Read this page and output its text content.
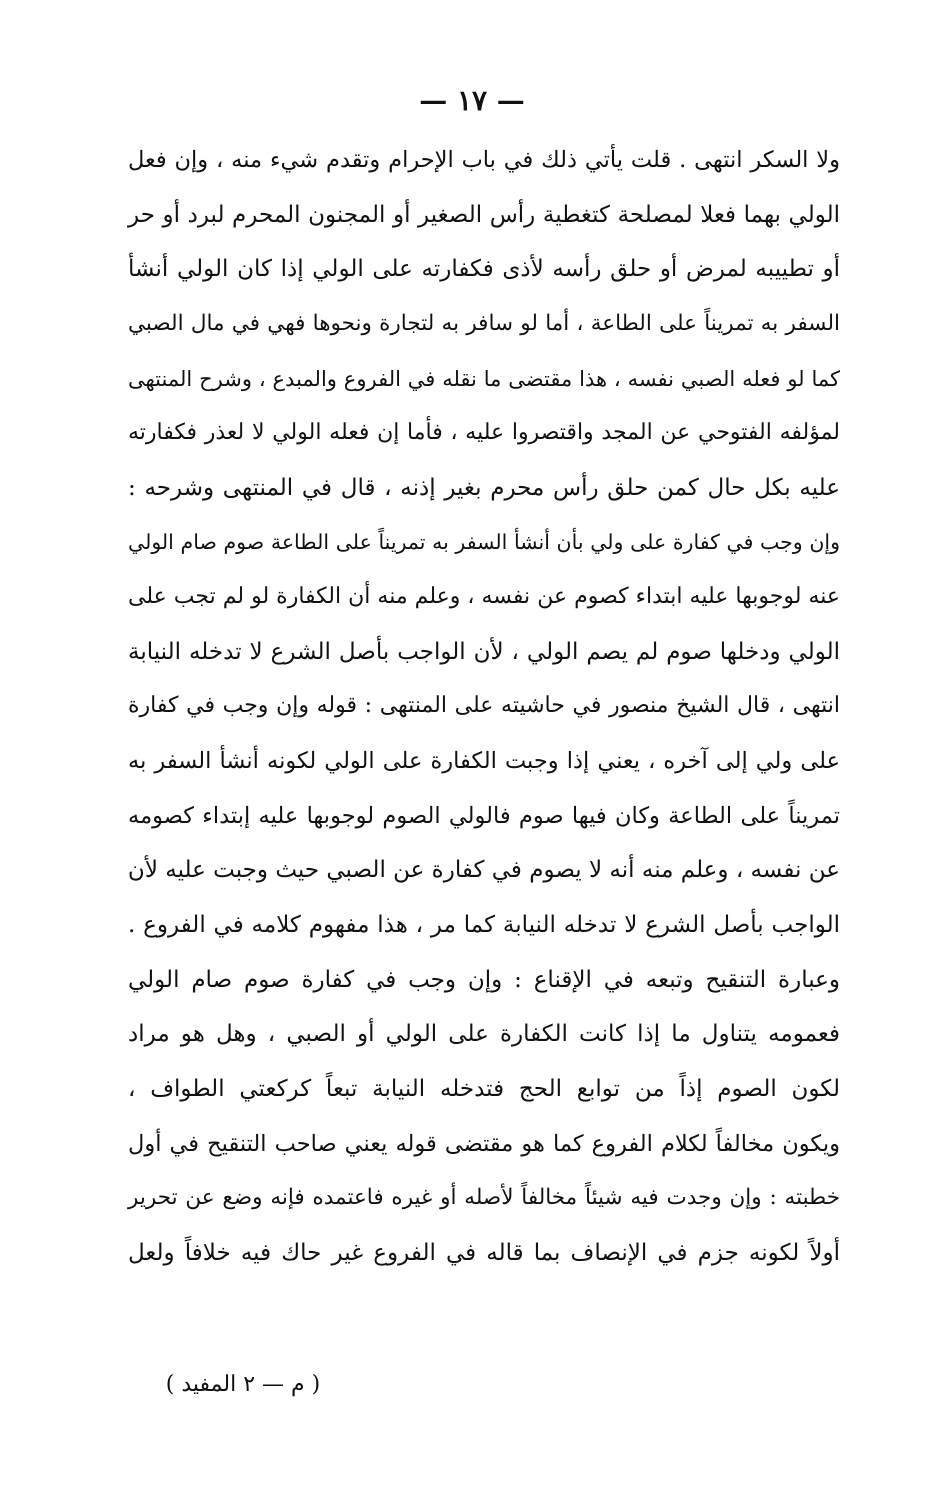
— ١٧ —
ولا السكر انتهى . قلت يأتي ذلك في باب الإحرام وتقدم شيء منه ، وإن فعل
الولي بهما فعلا لمصلحة كتغطية رأس الصغير أو المجنون المحرم لبرد أو حر
أو تطييبه لمرض أو حلق رأسه لأذى فكفارته على الولي إذا كان الولي أنشأ
السفر به تمريناً على الطاعة ، أما لو سافر به لتجارة ونحوها فهي في مال الصبي
كما لو فعله الصبي نفسه ، هذا مقتضى ما نقله في الفروع والمبدع ، وشرح المنتهى
لمؤلفه الفتوحي عن المجد واقتصروا عليه ، فأما إن فعله الولي لا لعذر فكفارته
عليه بكل حال كمن حلق رأس محرم بغير إذنه ، قال في المنتهى وشرحه :
وإن وجب في كفارة على ولي بأن أنشأ السفر به تمريناً على الطاعة صوم صام الولي
عنه لوجوبها عليه ابتداء كصوم عن نفسه ، وعلم منه أن الكفارة لو لم تجب على
الولي ودخلها صوم لم يصم الولي ، لأن الواجب بأصل الشرع لا تدخله النيابة
انتهى ، قال الشيخ منصور في حاشيته على المنتهى : قوله وإن وجب في كفارة
على ولي إلى آخره ، يعني إذا وجبت الكفارة على الولي لكونه أنشأ السفر به
تمريناً على الطاعة وكان فيها صوم فالولي الصوم لوجوبها عليه إبتداء كصومه
عن نفسه ، وعلم منه أنه لا يصوم في كفارة عن الصبي حيث وجبت عليه لأن
الواجب بأصل الشرع لا تدخله النيابة كما مر ، هذا مفهوم كلامه في الفروع .
وعبارة التنقيح وتبعه في الإقناع : وإن وجب في كفارة صوم صام الولي
فعمومه يتناول ما إذا كانت الكفارة على الولي أو الصبي ، وهل هو مراد
لكون الصوم إذاً من توابع الحج فتدخله النيابة تبعاً كركعتي الطواف ،
ويكون مخالفاً لكلام الفروع كما هو مقتضى قوله يعني صاحب التنقيح في أول
خطبته : وإن وجدت فيه شيئاً مخالفاً لأصله أو غيره فاعتمده فإنه وضع عن تحرير
أولاً لكونه جزم في الإنصاف بما قاله في الفروع غير حاك فيه خلافاً ولعل
( م — ٢ المفيد )
